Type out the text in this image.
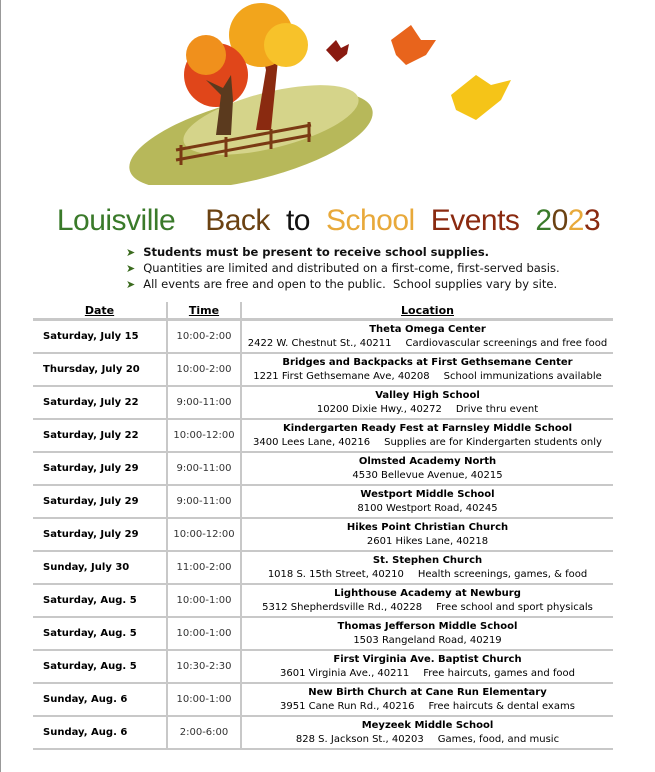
Louisville Back to School Events 2023
➤ Students must be present to receive school supplies.
➤ Quantities are limited and distributed on a first-come, first-served basis.
➤ All events are free and open to the public.  School supplies vary by site.
Date	Time	Location
Saturday, July 15	10:00-2:00	Theta Omega Center
2422 W. Chestnut St., 40211 Cardiovascular screenings and free food

Thursday, July 20	10:00-2:00	Bridges and Backpacks at First Gethsemane Center
1221 First Gethsemane Ave, 40208 School immunizations available

Saturday, July 22	9:00-11:00	Valley High School
10200 Dixie Hwy., 40272 Drive thru event

Saturday, July 22	10:00-12:00	Kindergarten Ready Fest at Farnsley Middle School
3400 Lees Lane, 40216 Supplies are for Kindergarten students only

Saturday, July 29	9:00-11:00	Olmsted Academy North
4530 Bellevue Avenue, 40215

Saturday, July 29	9:00-11:00	Westport Middle School
8100 Westport Road, 40245

Saturday, July 29	10:00-12:00	Hikes Point Christian Church
2601 Hikes Lane, 40218

Sunday, July 30	11:00-2:00	St. Stephen Church
1018 S. 15th Street, 40210 Health screenings, games, & food

Saturday, Aug. 5	10:00-1:00	Lighthouse Academy at Newburg
5312 Shepherdsville Rd., 40228 Free school and sport physicals

Saturday, Aug. 5	10:00-1:00	Thomas Jefferson Middle School
1503 Rangeland Road, 40219

Saturday, Aug. 5	10:30-2:30	First Virginia Ave. Baptist Church
3601 Virginia Ave., 40211 Free haircuts, games and food

Sunday, Aug. 6	10:00-1:00	New Birth Church at Cane Run Elementary
3951 Cane Run Rd., 40216 Free haircuts & dental exams

Sunday, Aug. 6	2:00-6:00	Meyzeek Middle School
828 S. Jackson St., 40203 Games, food, and music
